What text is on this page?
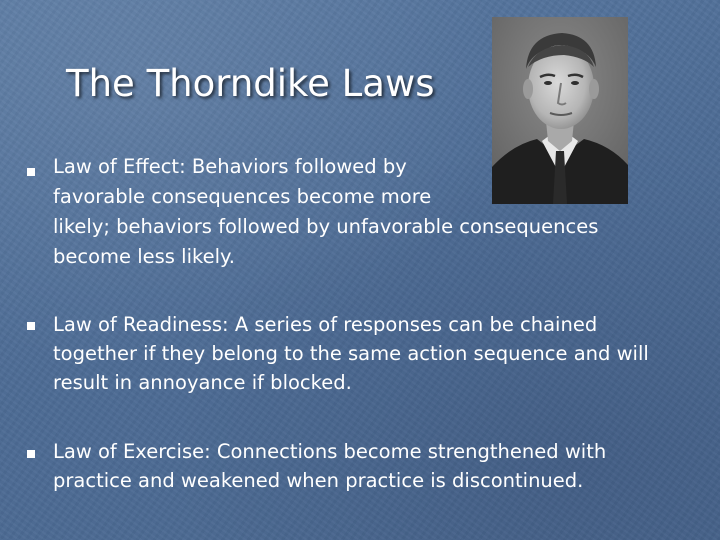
The Thorndike Laws
Law of Effect: Behaviors followed by
favorable consequences become more
likely; behaviors followed by unfavorable consequences
become less likely.
Law of Readiness: A series of responses can be chained
together if they belong to the same action sequence and will
result in annoyance if blocked.
Law of Exercise: Connections become strengthened with
practice and weakened when practice is discontinued.
